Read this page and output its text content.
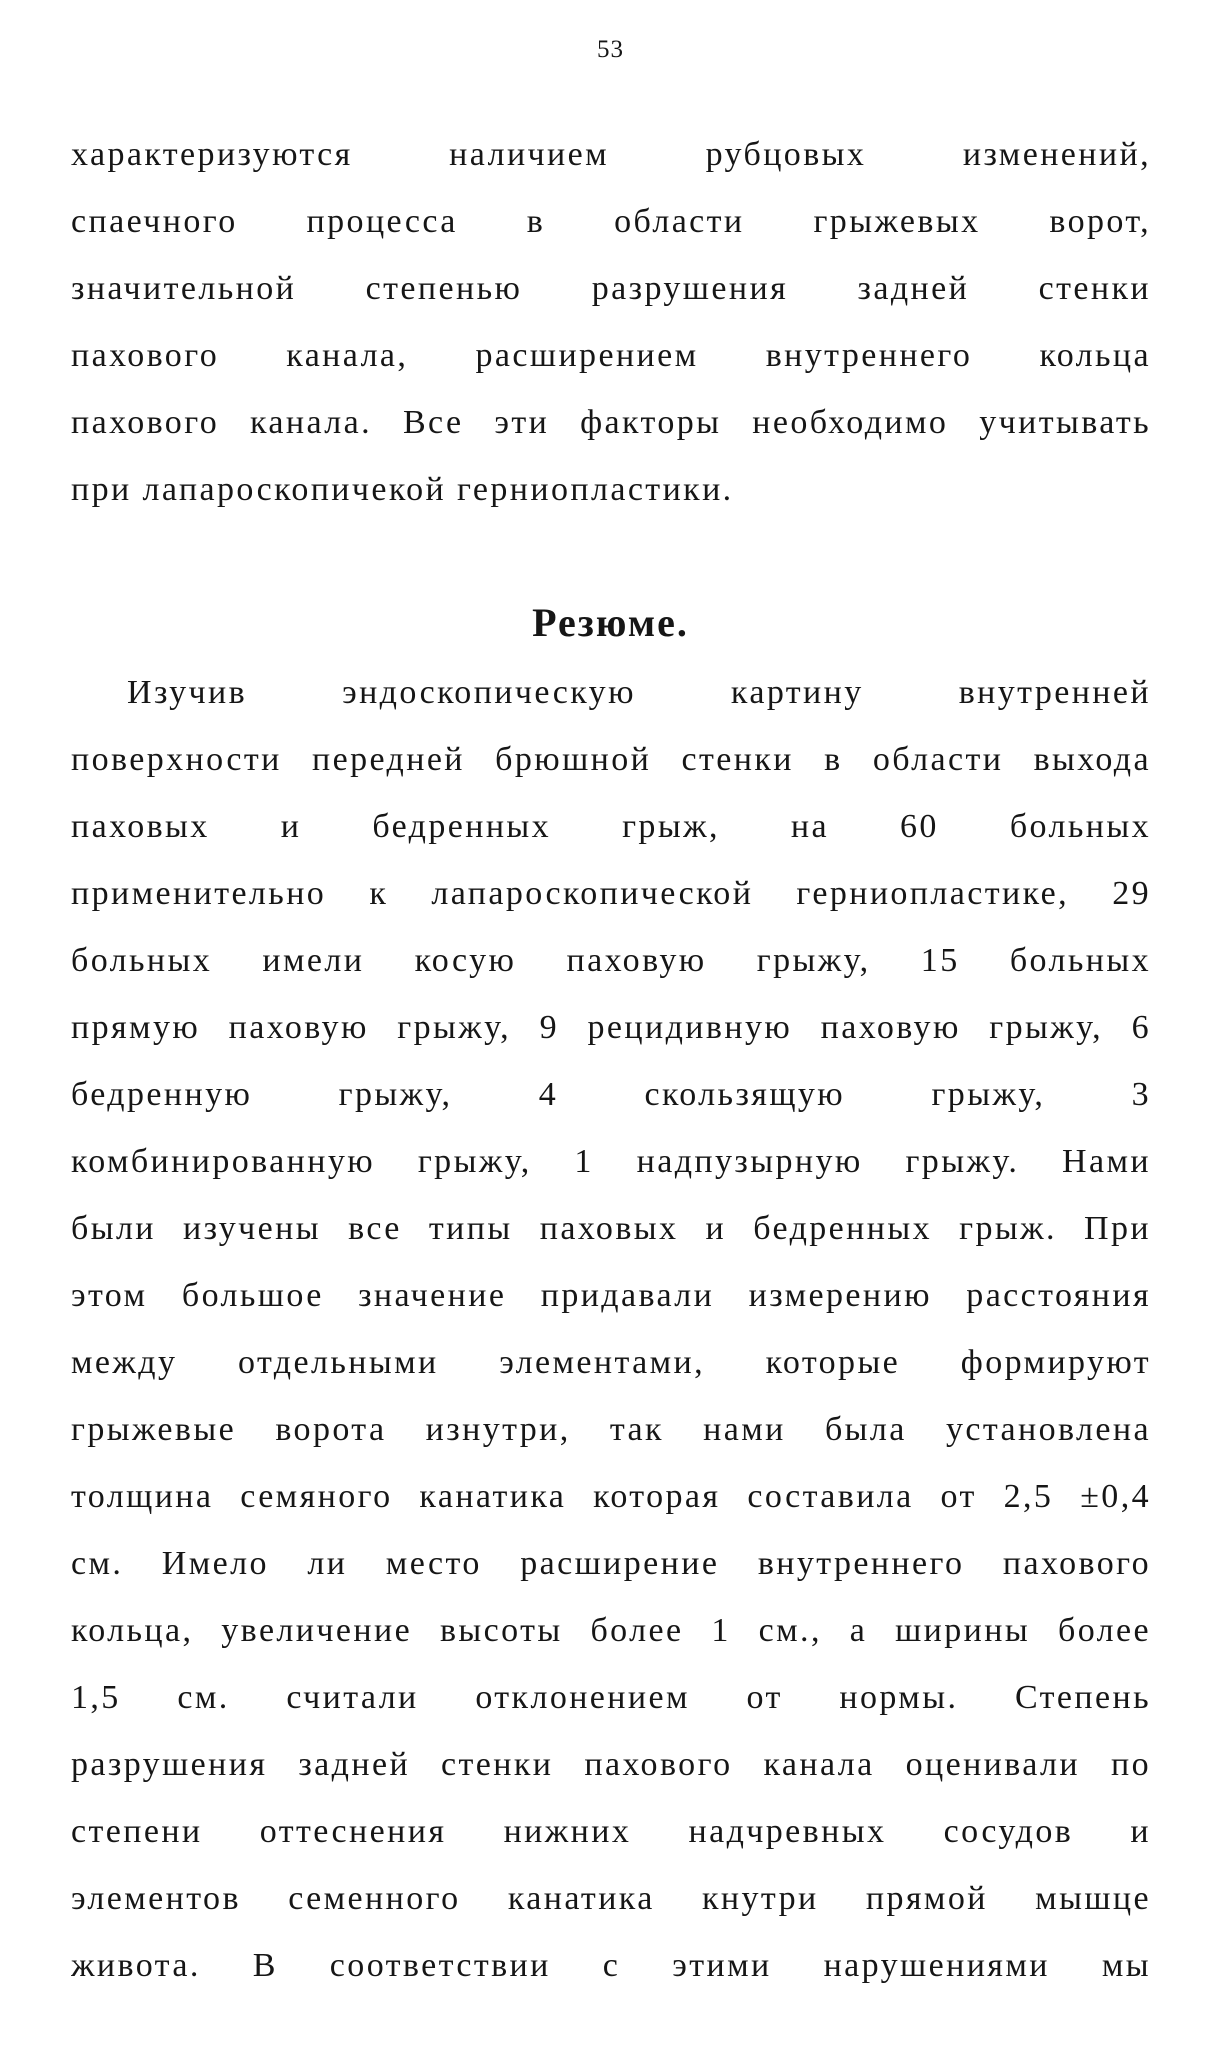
53
характеризуются наличием рубцовых изменений,
спаечного процесса в области грыжевых ворот,
значительной степенью разрушения задней стенки
пахового канала, расширением внутреннего кольца
пахового канала. Все эти факторы необходимо учитывать
при лапароскопичекой герниопластики.
Резюме.
Изучив эндоскопическую картину внутренней
поверхности передней брюшной стенки в области выхода
паховых и бедренных грыж, на 60 больных
применительно к лапароскопической герниопластике, 29
больных имели косую паховую грыжу, 15 больных
прямую паховую грыжу, 9 рецидивную паховую грыжу, 6
бедренную грыжу, 4 скользящую грыжу, 3
комбинированную грыжу, 1 надпузырную грыжу. Нами
были изучены все типы паховых и бедренных грыж. При
этом большое значение придавали измерению расстояния
между отдельными элементами, которые формируют
грыжевые ворота изнутри, так нами была установлена
толщина семяного канатика которая составила от 2,5 ±0,4
см. Имело ли место расширение внутреннего пахового
кольца, увеличение высоты более 1 см., а ширины более
1,5 см. считали отклонением от нормы. Степень
разрушения задней стенки пахового канала оценивали по
степени оттеснения нижних надчревных сосудов и
элементов семенного канатика кнутри прямой мышце
живота. В соответствии с этими нарушениями мы
